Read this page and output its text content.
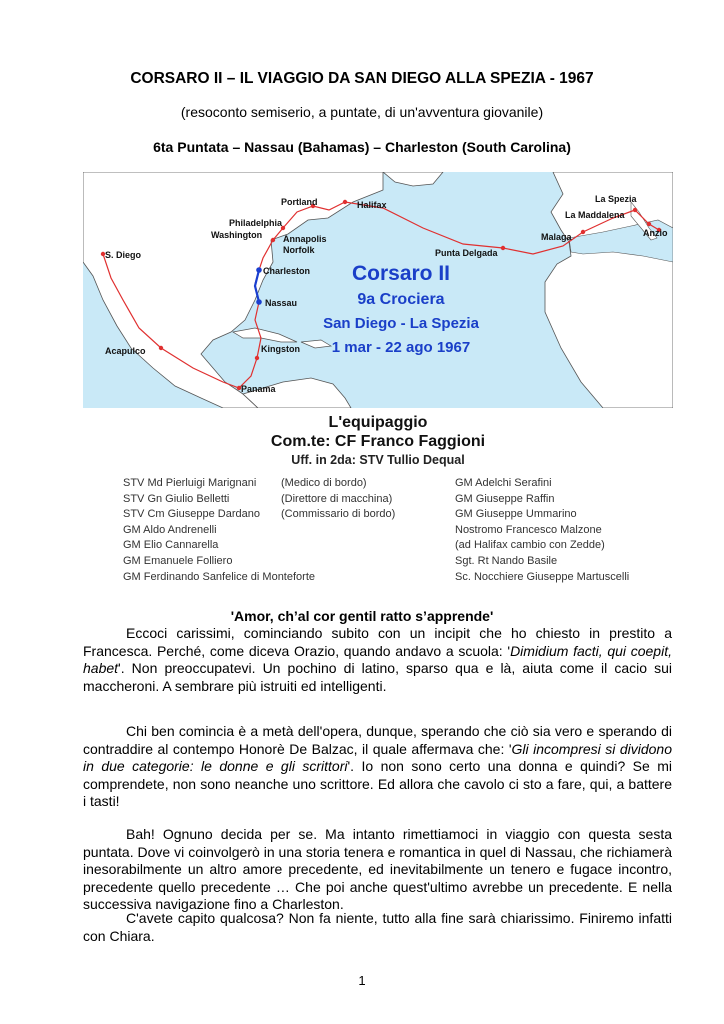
CORSARO II – IL VIAGGIO DA SAN DIEGO ALLA SPEZIA - 1967
(resoconto semiserio, a puntate, di un'avventura giovanile)
6ta Puntata – Nassau (Bahamas) – Charleston (South Carolina)
S. Diego
Acapulco
Panama
Kingston
Nassau
Charleston
Norfolk
Annapolis
Washington
Philadelphia
Portland	Halifax
Punta Delgada
Malaga
La Spezia
La Maddalena
Anzio
Corsaro II
9a Crociera
San Diego - La Spezia
1 mar - 22 ago 1967
L'equipaggio
Com.te: CF Franco Faggioni
Uff. in 2da: STV Tullio Dequal
STV Md Pierluigi Marignani
STV Gn Giulio Belletti
STV Cm Giuseppe Dardano
GM Aldo Andrenelli
GM Elio Cannarella
GM Emanuele Folliero
GM Ferdinando Sanfelice di Monteforte
(Medico di bordo)
(Direttore di macchina)
(Commissario di bordo)
GM Adelchi Serafini
GM Giuseppe Raffin
GM Giuseppe Ummarino
Nostromo Francesco Malzone
(ad Halifax cambio con Zedde)
Sgt. Rt Nando Basile
Sc. Nocchiere Giuseppe Martuscelli
'Amor, ch’al cor gentil ratto s’apprende'

Eccoci carissimi, cominciando subito con un incipit che ho chiesto in prestito a Francesca. Perché, come diceva Orazio, quando andavo a scuola: 'Dimidium facti, qui coepit, habet'. Non preoccupatevi. Un pochino di latino, sparso qua e là, aiuta come il cacio sui maccheroni. A sembrare più istruiti ed intelligenti.

Chi ben comincia è a metà dell'opera, dunque, sperando che ciò sia vero e sperando di contraddire al contempo Honorè De Balzac, il quale affermava che: 'Gli incompresi si dividono in due categorie: le donne e gli scrittori'. Io non sono certo una donna e quindi? Se mi comprendete, non sono neanche uno scrittore. Ed allora che cavolo ci sto a fare, qui, a battere i tasti!

Bah! Ognuno decida per se. Ma intanto rimettiamoci in viaggio con questa sesta puntata. Dove vi coinvolgerò in una storia tenera e romantica in quel di Nassau, che richiamerà inesorabilmente un altro amore precedente, ed inevitabilmente un tenero e fugace incontro, precedente quello precedente … Che poi anche quest'ultimo avrebbe un precedente. E nella successiva navigazione fino a Charleston.

C'avete capito qualcosa? Non fa niente, tutto alla fine sarà chiarissimo. Finiremo infatti con Chiara.

1
